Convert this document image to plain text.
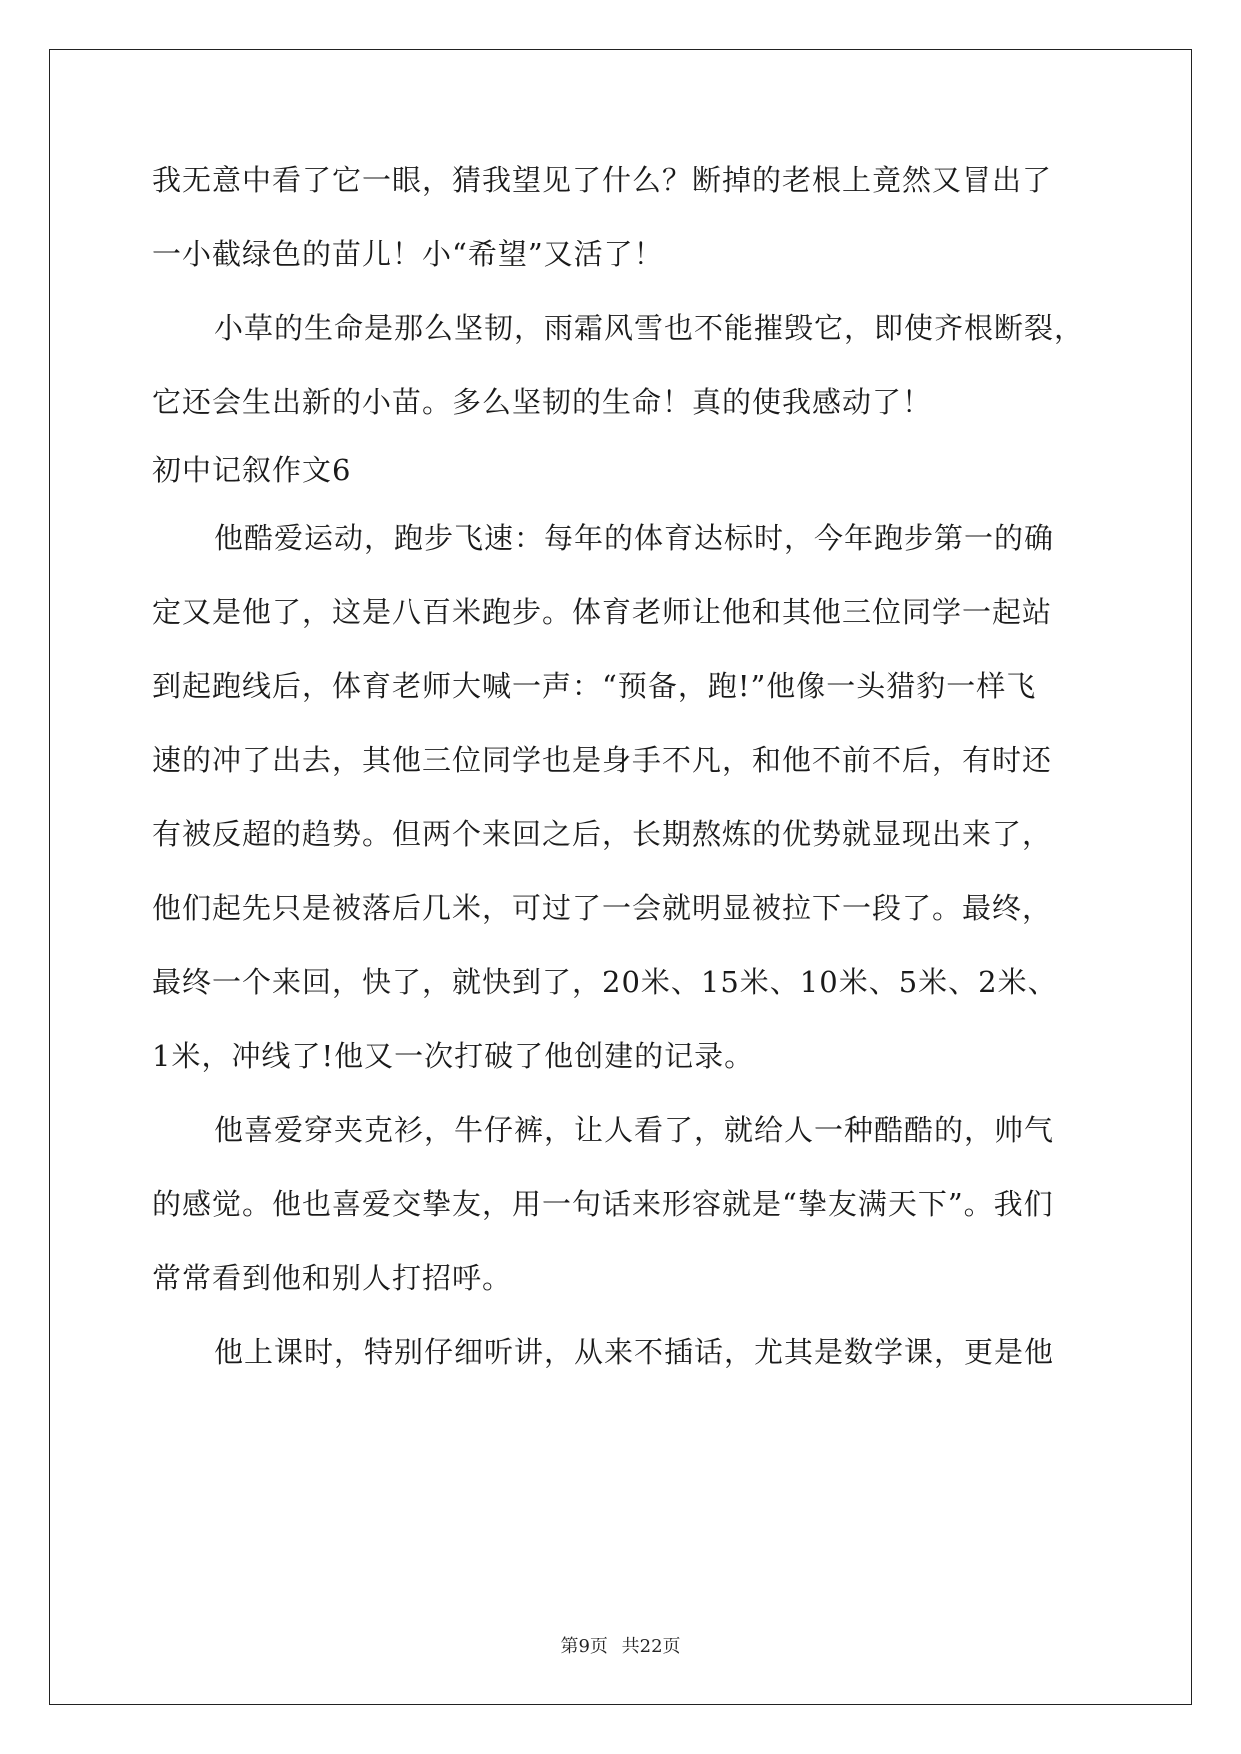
我无意中看了它一眼，猜我望见了什么？断掉的老根上竟然又冒出了
一小截绿色的苗儿！小“希望”又活了！
小草的生命是那么坚韧，雨霜风雪也不能摧毁它，即使齐根断裂，
它还会生出新的小苗。多么坚韧的生命！真的使我感动了！
初中记叙作文6
他酷爱运动，跑步飞速：每年的体育达标时，今年跑步第一的确
定又是他了，这是八百米跑步。体育老师让他和其他三位同学一起站
到起跑线后，体育老师大喊一声：“预备，跑!”他像一头猎豹一样飞
速的冲了出去，其他三位同学也是身手不凡，和他不前不后，有时还
有被反超的趋势。但两个来回之后，长期熬炼的优势就显现出来了，
他们起先只是被落后几米，可过了一会就明显被拉下一段了。最终，
最终一个来回，快了，就快到了，20米、15米、10米、5米、2米、
1米，冲线了!他又一次打破了他创建的记录。
他喜爱穿夹克衫，牛仔裤，让人看了，就给人一种酷酷的，帅气
的感觉。他也喜爱交挚友，用一句话来形容就是“挚友满天下”。我们
常常看到他和别人打招呼。
他上课时，特别仔细听讲，从来不插话，尤其是数学课，更是他
第9页 共22页
